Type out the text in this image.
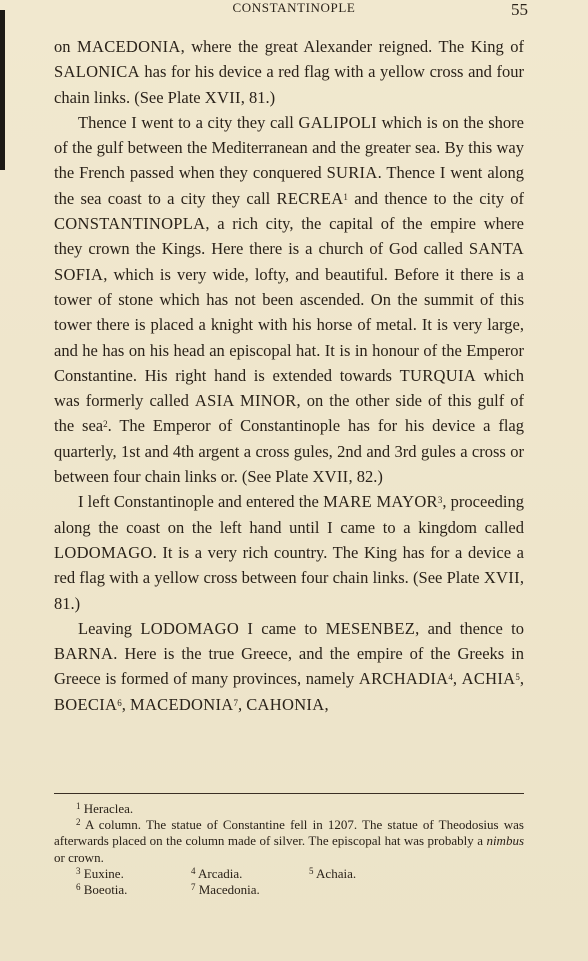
CONSTANTINOPLE	55

on MACEDONIA, where the great Alexander reigned. The King of SALONICA has for his device a red flag with a yellow cross and four chain links. (See Plate XVII, 81.)

Thence I went to a city they call GALIPOLI which is on the shore of the gulf between the Mediterranean and the greater sea. By this way the French passed when they conquered SURIA. Thence I went along the sea coast to a city they call RECREA$^1$ and thence to the city of CONSTANTINOPLA, a rich city, the capital of the empire where they crown the Kings. Here there is a church of God called SANTA SOFIA, which is very wide, lofty, and beautiful. Before it there is a tower of stone which has not been ascended. On the summit of this tower there is placed a knight with his horse of metal. It is very large, and he has on his head an episcopal hat. It is in honour of the Emperor Constantine. His right hand is extended towards TURQUIA which was formerly called ASIA MINOR, on the other side of this gulf of the sea$^2$. The Emperor of Constantinople has for his device a flag quarterly, 1st and 4th argent a cross gules, 2nd and 3rd gules a cross or between four chain links or. (See Plate XVII, 82.)

I left Constantinople and entered the MARE MAYOR$^3$, proceeding along the coast on the left hand until I came to a kingdom called LODOMAGO. It is a very rich country. The King has for a device a red flag with a yellow cross between four chain links. (See Plate XVII, 81.)

Leaving LODOMAGO I came to MESENBEZ, and thence to BARNA. Here is the true Greece, and the empire of the Greeks in Greece is formed of many provinces, namely ARCHADIA$^4$, ACHIA$^5$, BOECIA$^6$, MACEDONIA$^7$, CAHONIA,

$^1$ Heraclea.
$^2$ A column. The statue of Constantine fell in 1207. The statue of Theodosius was afterwards placed on the column made of silver. The episcopal hat was probably a nimbus or crown.
$^3$ Euxine.	$^4$ Arcadia.	$^5$ Achaia.
$^6$ Boeotia.	$^7$ Macedonia.
